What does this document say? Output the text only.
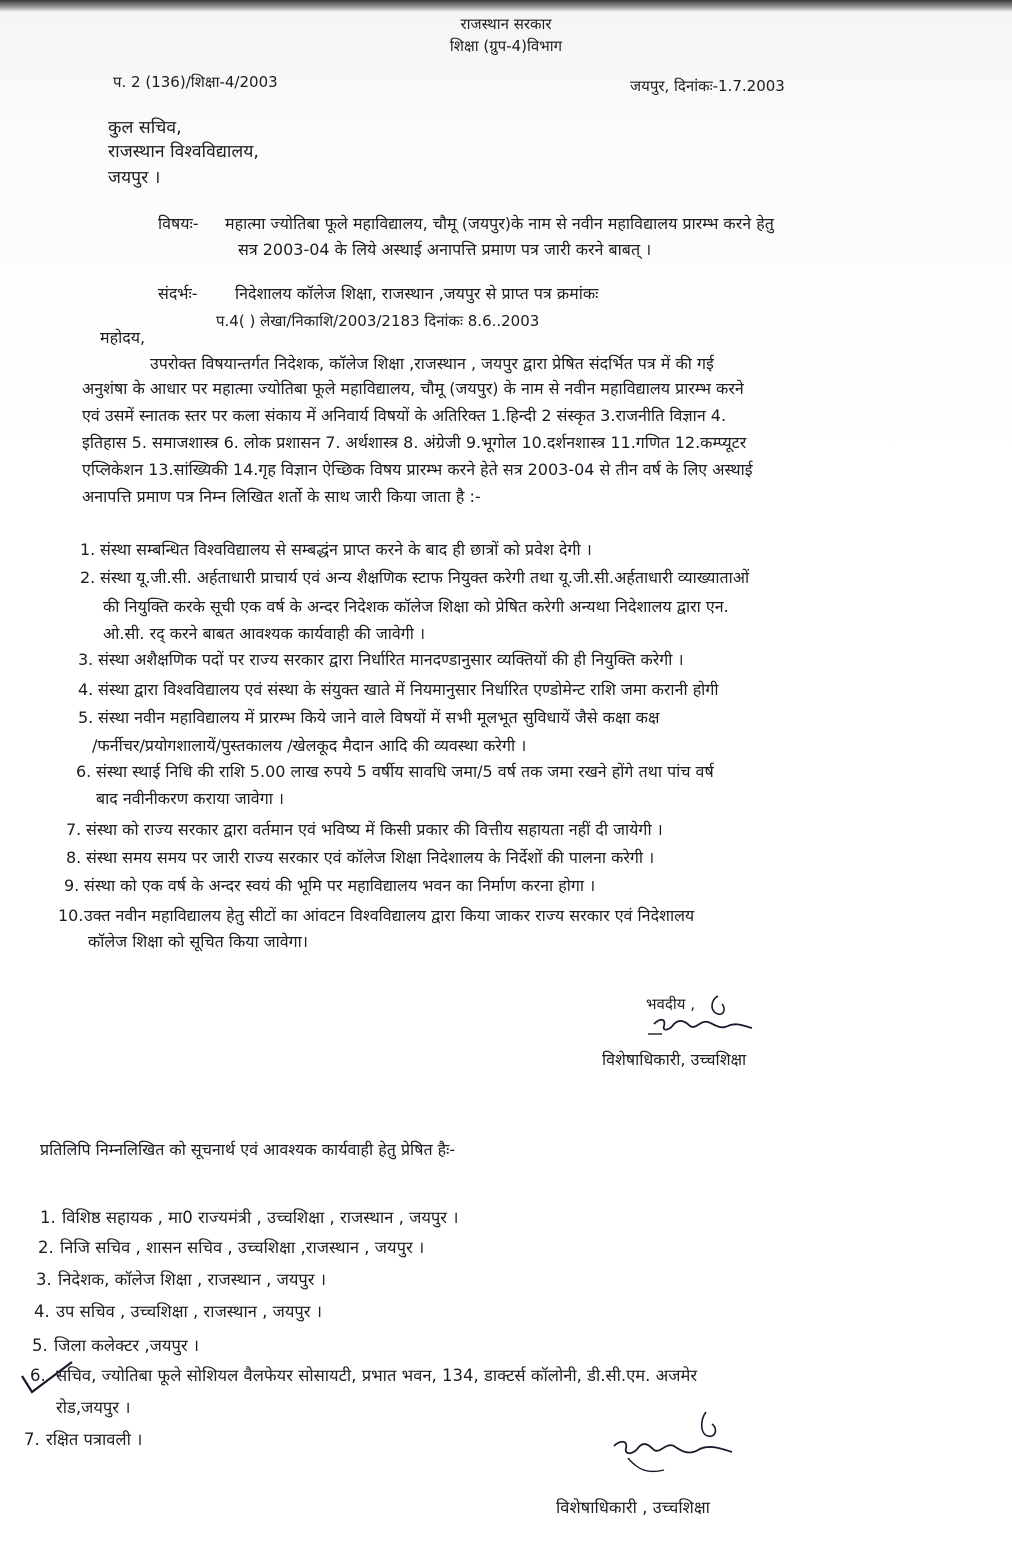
राजस्थान सरकार
शिक्षा (ग्रुप-4)विभाग
प. 2 (136)/शिक्षा-4/2003	जयपुर, दिनांकः-1.7.2003
कुल सचिव,
राजस्थान विश्वविद्यालय,
जयपुर ।
विषयः- महात्मा ज्योतिबा फूले महाविद्यालय, चौमू (जयपुर)के नाम से नवीन महाविद्यालय प्रारम्भ करने हेतु
सत्र 2003-04 के लिये अस्थाई अनापत्ति प्रमाण पत्र जारी करने बाबत् ।
संदर्भः- निदेशालय कॉलेज शिक्षा, राजस्थान ,जयपुर से प्राप्त पत्र क्रमांकः
प.4( ) लेखा/निकाशि/2003/2183 दिनांकः 8.6..2003
महोदय,
उपरोक्त विषयान्तर्गत निदेशक, कॉलेज शिक्षा ,राजस्थान , जयपुर द्वारा प्रेषित संदर्भित पत्र में की गई
अनुशंषा के आधार पर महात्मा ज्योतिबा फूले महाविद्यालय, चौमू (जयपुर) के नाम से नवीन महाविद्यालय प्रारम्भ करने
एवं उसमें स्नातक स्तर पर कला संकाय में अनिवार्य विषयों के अतिरिक्त 1.हिन्दी 2 संस्कृत 3.राजनीति विज्ञान 4.
इतिहास 5. समाजशास्त्र 6. लोक प्रशासन 7. अर्थशास्त्र 8. अंग्रेजी 9.भूगोल 10.दर्शनशास्त्र 11.गणित 12.कम्प्यूटर
एप्लिकेशन 13.सांख्यिकी 14.गृह विज्ञान ऐच्छिक विषय प्रारम्भ करने हेते सत्र 2003-04 से तीन वर्ष के लिए अस्थाई
अनापत्ति प्रमाण पत्र निम्न लिखित शर्तो के साथ जारी किया जाता है :-
1. संस्था सम्बन्धित विश्वविद्यालय से सम्बद्धंन प्राप्त करने के बाद ही छात्रों को प्रवेश देगी ।
2. संस्था यू.जी.सी. अर्हताधारी प्राचार्य एवं अन्य शैक्षणिक स्टाफ नियुक्त करेगी तथा यू.जी.सी.अर्हताधारी व्याख्याताओं
की नियुक्ति करके सूची एक वर्ष के अन्दर निदेशक कॉलेज शिक्षा को प्रेषित करेगी अन्यथा निदेशालय द्वारा एन.
ओ.सी. रद् करने बाबत आवश्यक कार्यवाही की जावेगी ।
3. संस्था अशैक्षणिक पदों पर राज्य सरकार द्वारा निर्धारित मानदण्डानुसार व्यक्तियों की ही नियुक्ति करेगी ।
4. संस्था द्वारा विश्वविद्यालय एवं संस्था के संयुक्त खाते में नियमानुसार निर्धारित एण्डोमेन्ट राशि जमा करानी होगी
5. संस्था नवीन महाविद्यालय में प्रारम्भ किये जाने वाले विषयों में सभी मूलभूत सुविधायें जैसे कक्षा कक्ष
/फर्नीचर/प्रयोगशालायें/पुस्तकालय /खेलकूद मैदान आदि की व्यवस्था करेगी ।
6. संस्था स्थाई निधि की राशि 5.00 लाख रुपये 5 वर्षीय सावधि जमा/5 वर्ष तक जमा रखने होंगे तथा पांच वर्ष
बाद नवीनीकरण कराया जावेगा ।
7. संस्था को राज्य सरकार द्वारा वर्तमान एवं भविष्य में किसी प्रकार की वित्तीय सहायता नहीं दी जायेगी ।
8. संस्था समय समय पर जारी राज्य सरकार एवं कॉलेज शिक्षा निदेशालय के निर्देशों की पालना करेगी ।
9. संस्था को एक वर्ष के अन्दर स्वयं की भूमि पर महाविद्यालय भवन का निर्माण करना होगा ।
10. उक्त नवीन महाविद्यालय हेतु सीटों का आंवटन विश्वविद्यालय द्वारा किया जाकर राज्य सरकार एवं निदेशालय
कॉलेज शिक्षा को सूचित किया जावेगा।
भवदीय ,
विशेषाधिकारी, उच्चशिक्षा
प्रतिलिपि निम्नलिखित को सूचनार्थ एवं आवश्यक कार्यवाही हेतु प्रेषित हैः-
1. विशिष्ठ सहायक , मा0 राज्यमंत्री , उच्चशिक्षा , राजस्थान , जयपुर ।
2. निजि सचिव , शासन सचिव , उच्चशिक्षा ,राजस्थान , जयपुर ।
3. निदेशक, कॉलेज शिक्षा , राजस्थान , जयपुर ।
4. उप सचिव , उच्चशिक्षा , राजस्थान , जयपुर ।
5. जिला कलेक्टर ,जयपुर ।
6. सचिव, ज्योतिबा फूले सोशियल वैलफेयर सोसायटी, प्रभात भवन, 134, डाक्टर्स कॉलोनी, डी.सी.एम. अजमेर
रोड,जयपुर ।
7. रक्षित पत्रावली ।
विशेषाधिकारी , उच्चशिक्षा
